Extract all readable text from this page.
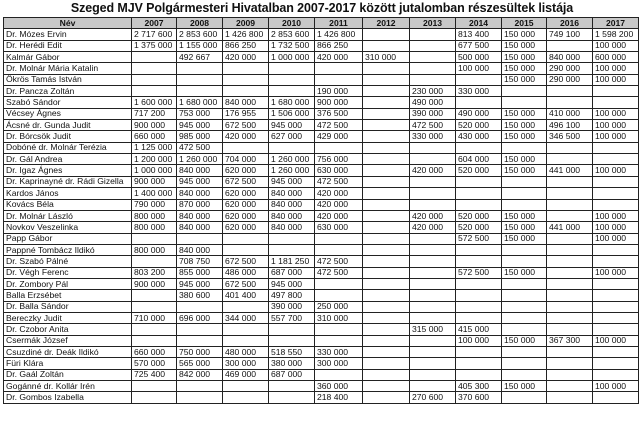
Szeged MJV Polgármesteri Hivatalban 2007-2017 között jutalomban részesültek listája
Név	2007	2008	2009	2010	2011	2012	2013	2014	2015	2016	2017
Dr. Mózes Ervin	2 717 600	2 853 600	1 426 800	2 853 600	1 426 800			813 400	150 000	749 100	1 598 200
Dr. Herédi Edit	1 375 000	1 155 000	866 250	1 732 500	866 250			677 500	150 000		100 000
Kalmár Gábor		492 667	420 000	1 000 000	420 000	310 000		500 000	150 000	840 000	600 000
Dr. Molnár Mária Katalin								100 000	150 000	290 000	100 000
Ökrös Tamás István									150 000	290 000	100 000
Dr. Pancza Zoltán					190 000		230 000	330 000			
Szabó Sándor	1 600 000	1 680 000	840 000	1 680 000	900 000		490 000				
Vécsey Ágnes	717 200	753 000	176 955	1 506 000	376 500		390 000	490 000	150 000	410 000	100 000
Ácsné dr. Gunda Judit	900 000	945 000	672 500	945 000	472 500		472 500	520 000	150 000	496 100	100 000
Dr. Bórcsök Judit	660 000	985 000	420 000	627 000	429 000		330 000	430 000	150 000	346 500	100 000
Dobóné dr. Molnár Terézia	1 125 000	472 500									
Dr. Gál Andrea	1 200 000	1 260 000	704 000	1 260 000	756 000			604 000	150 000		
Dr. Igaz Ágnes	1 000 000	840 000	620 000	1 260 000	630 000		420 000	520 000	150 000	441 000	100 000
Dr. Kaprinayné dr. Rádi Gizella	900 000	945 000	672 500	945 000	472 500						
Kardos János	1 400 000	840 000	620 000	840 000	420 000						
Kovács Béla	790 000	870 000	620 000	840 000	420 000						
Dr. Molnár László	800 000	840 000	620 000	840 000	420 000		420 000	520 000	150 000		100 000
Novkov Veszelinka	800 000	840 000	620 000	840 000	630 000		420 000	520 000	150 000	441 000	100 000
Papp Gábor								572 500	150 000		100 000
Pappné Tombácz Ildikó	800 000	840 000									
Dr. Szabó Pálné		708 750	672 500	1 181 250	472 500						
Dr. Végh Ferenc	803 200	855 000	486 000	687 000	472 500			572 500	150 000		100 000
Dr. Zombory Pál	900 000	945 000	672 500	945 000							
Balla Erzsébet		380 600	401 400	497 800							
Dr. Balla Sándor				390 000	250 000						
Bereczky Judit	710 000	696 000	344 000	557 700	310 000						
Dr. Czobor Anita							315 000	415 000			
Csermák József								100 000	150 000	367 300	100 000
Csuzdiné dr. Deák Ildikó	660 000	750 000	480 000	518 550	330 000						
Füri Klára	570 000	565 000	300 000	380 000	300 000						
Dr. Gaál Zoltán	725 400	842 000	469 000	687 000							
Gogánné dr. Kollár Irén					360 000			405 300	150 000		100 000
Dr. Gombos Izabella					218 400		270 600	370 600			
